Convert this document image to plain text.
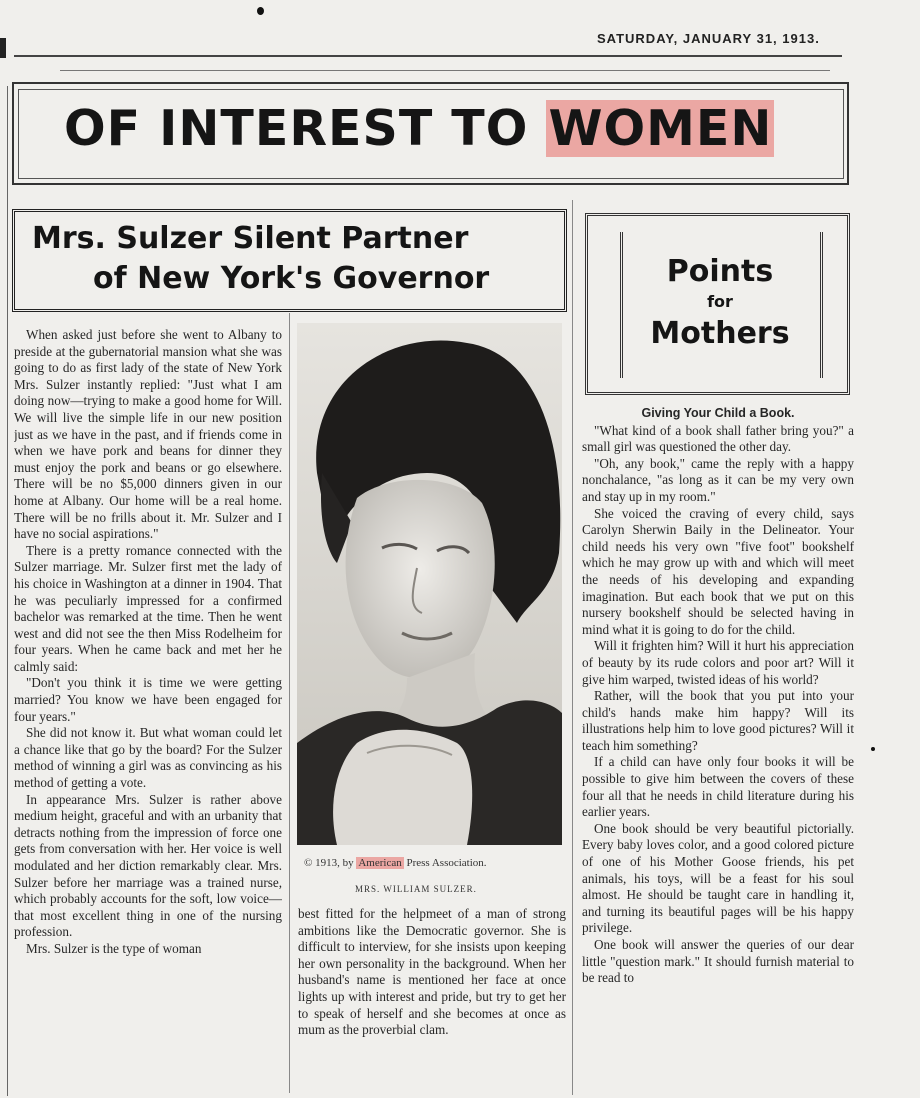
SATURDAY, JANUARY 31, 1913.
OF INTEREST TO WOMEN
Mrs. Sulzer Silent Partner
of New York's Governor	Points
for
Mothers

When asked just before she went to Albany to preside at the gubernatorial mansion what she was going to do as first lady of the state of New York Mrs. Sulzer instantly replied: "Just what I am doing now—trying to make a good home for Will. We will live the simple life in our new position just as we have in the past, and if friends come in when we have pork and beans for dinner they must enjoy the pork and beans or go elsewhere. There will be no $5,000 dinners given in our home at Albany. Our home will be a real home. There will be no frills about it. Mr. Sulzer and I have no social aspirations."

There is a pretty romance connected with the Sulzer marriage. Mr. Sulzer first met the lady of his choice in Washington at a dinner in 1904. That he was peculiarly impressed for a confirmed bachelor was remarked at the time. Then he went west and did not see the then Miss Rodelheim for four years. When he came back and met her he calmly said:

"Don't you think it is time we were getting married? You know we have been engaged for four years."

She did not know it. But what woman could let a chance like that go by the board? For the Sulzer method of winning a girl was as convincing as his method of getting a vote.

In appearance Mrs. Sulzer is rather above medium height, graceful and with an urbanity that detracts nothing from the impression of force one gets from conversation with her. Her voice is well modulated and her diction remarkably clear. Mrs. Sulzer before her marriage was a trained nurse, which probably accounts for the soft, low voice—that most excellent thing in one of the nursing profession.

Mrs. Sulzer is the type of woman

© 1913, by American Press Association.
MRS. WILLIAM SULZER.

best fitted for the helpmeet of a man of strong ambitions like the Democratic governor. She is difficult to interview, for she insists upon keeping her own personality in the background. When her husband's name is mentioned her face at once lights up with interest and pride, but try to get her to speak of herself and she becomes at once as mum as the proverbial clam.

Giving Your Child a Book.

"What kind of a book shall father bring you?" a small girl was questioned the other day.

"Oh, any book," came the reply with a happy nonchalance, "as long as it can be my very own and stay up in my room."

She voiced the craving of every child, says Carolyn Sherwin Baily in the Delineator. Your child needs his very own "five foot" bookshelf which he may grow up with and which will meet the needs of his developing and expanding imagination. But each book that we put on this nursery bookshelf should be selected having in mind what it is going to do for the child.

Will it frighten him? Will it hurt his appreciation of beauty by its rude colors and poor art? Will it give him warped, twisted ideas of his world?

Rather, will the book that you put into your child's hands make him happy? Will its illustrations help him to love good pictures? Will it teach him something?

If a child can have only four books it will be possible to give him between the covers of these four all that he needs in child literature during his earlier years.

One book should be very beautiful pictorially. Every baby loves color, and a good colored picture of one of his Mother Goose friends, his pet animals, his toys, will be a feast for his soul almost. He should be taught care in handling it, and turning its beautiful pages will be his happy privilege.

One book will answer the queries of our dear little "question mark." It should furnish material to be read to
